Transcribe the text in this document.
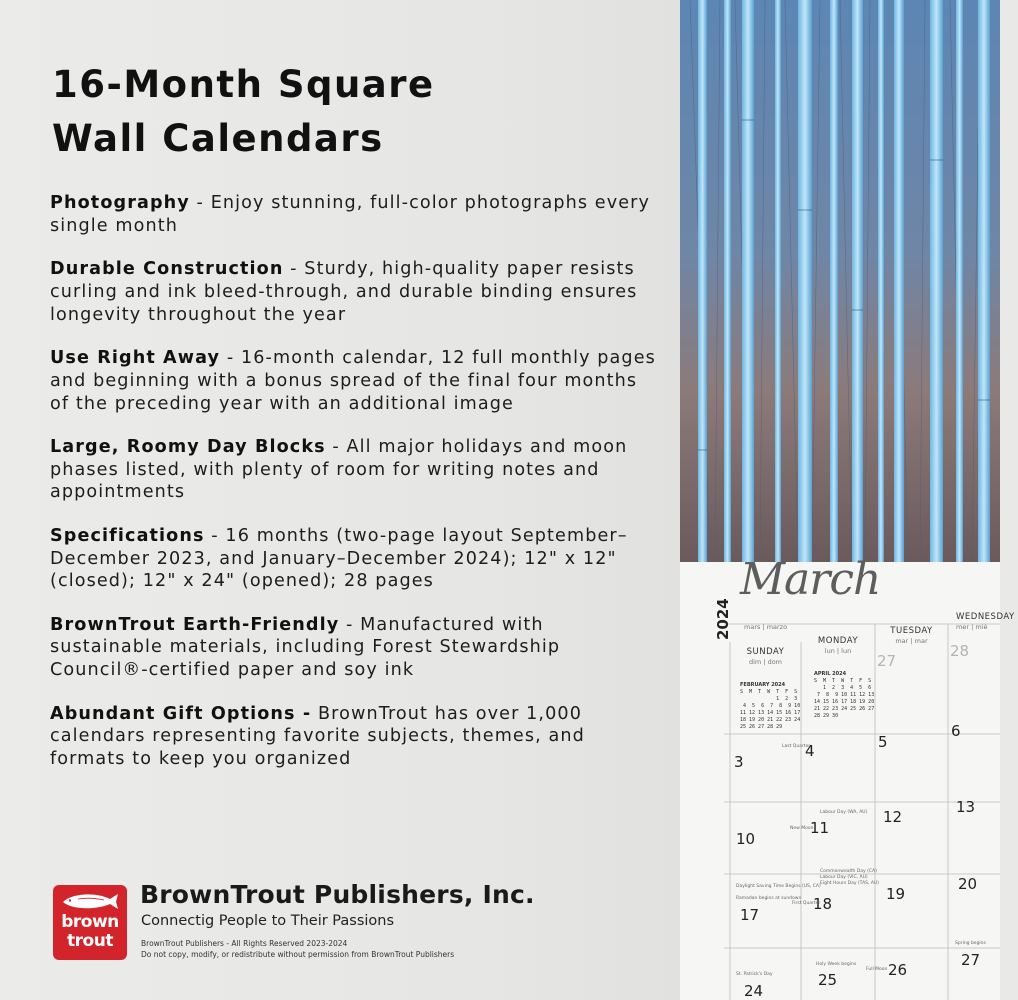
16-Month Square
Wall Calendars

Photography - Enjoy stunning, full-color photographs every single month

Durable Construction - Sturdy, high-quality paper resists curling and ink bleed-through, and durable binding ensures longevity throughout the year

Use Right Away - 16-month calendar, 12 full monthly pages and beginning with a bonus spread of the final four months of the preceding year with an additional image

Large, Roomy Day Blocks - All major holidays and moon phases listed, with plenty of room for writing notes and appointments

Specifications - 16 months (two-page layout September–December 2023, and January–December 2024); 12" x 12" (closed); 12" x 24" (opened); 28 pages

BrownTrout Earth-Friendly - Manufactured with sustainable materials, including Forest Stewardship Council®-certified paper and soy ink

Abundant Gift Options - BrownTrout has over 1,000 calendars representing favorite subjects, themes, and formats to keep you organized

brown
trout
BrownTrout Publishers, Inc.
Connectig People to Their Passions
BrownTrout Publishers - All Rights Reserved 2023-2024
Do not copy, modify, or redistribute without permission from BrownTrout Publishers
2024
March
mars | marzo
SUNDAY
dim | dom
MONDAY
lun | lun
TUESDAY
mar | mar
WEDNESDAY
mer | mié
FEBRUARY 2024
S  M  T  W  T  F  S
1  2  3
4  5  6  7  8  9 10
11 12 13 14 15 16 17
18 19 20 21 22 23 24
25 26 27 28 29
APRIL 2024
S  M  T  W  T  F  S
1  2  3  4  5  6
7  8  9 10 11 12 13
14 15 16 17 18 19 20
21 22 23 24 25 26 27
28 29 30
27
28
3
4	5
6
10
11
12
13
17
18
19
20
24
25
26
27
Last Quarter
Labour Day (WA, AU)
New Moon
Commonwealth Day (CA)
Labour Day (VIC, AU)
Eight Hours Day (TAS, AU)
Daylight Saving Time Begins (US, CA)
Ramadan begins at sundown
First Quarter
St. Patrick's Day
Spring begins
Holy Week begins
Full Moon
